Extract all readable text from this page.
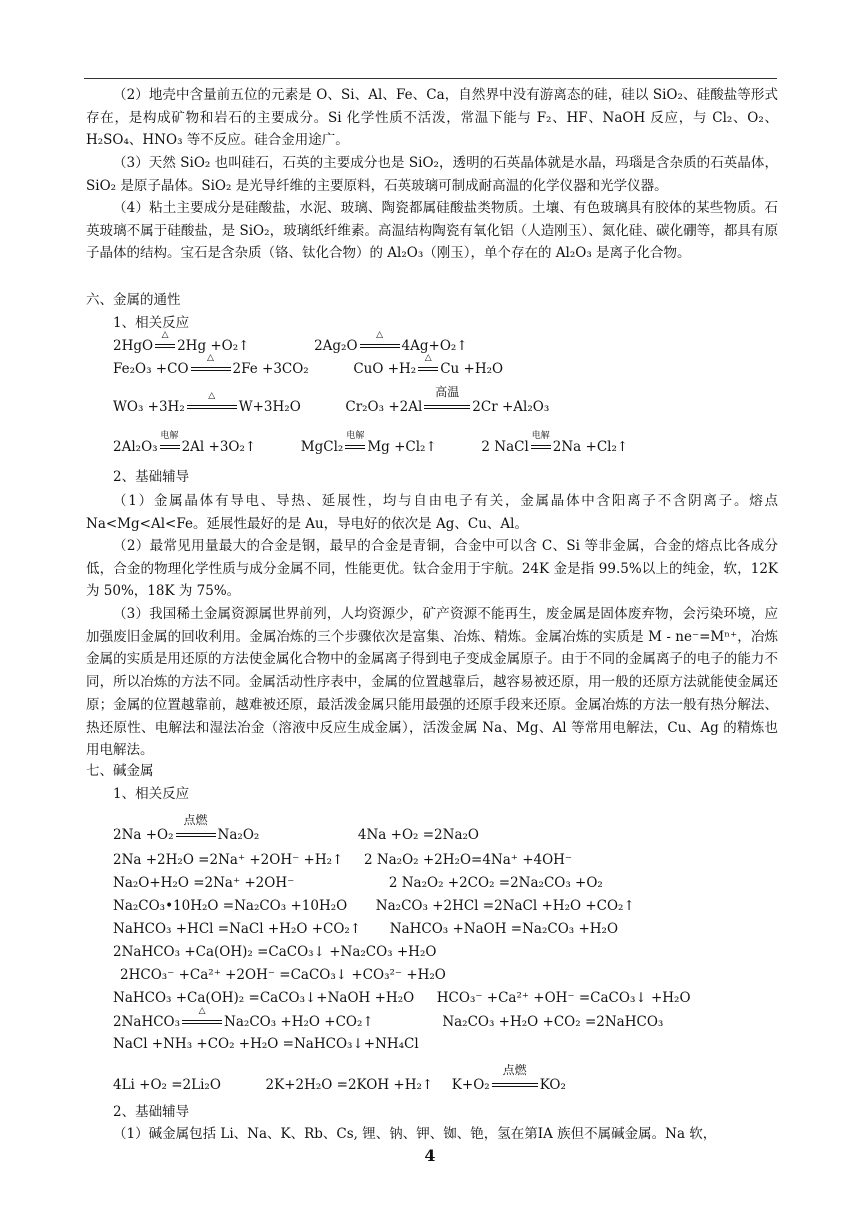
（2）地壳中含量前五位的元素是 O、Si、Al、Fe、Ca，自然界中没有游离态的硅，硅以 SiO₂、硅酸盐等形式存在，是构成矿物和岩石的主要成分。Si 化学性质不活泼，常温下能与 F₂、HF、NaOH 反应，与 Cl₂、O₂、H₂SO₄、HNO₃ 等不反应。硅合金用途广。

（3）天然 SiO₂ 也叫硅石，石英的主要成分也是 SiO₂，透明的石英晶体就是水晶，玛瑙是含杂质的石英晶体，SiO₂ 是原子晶体。SiO₂ 是光导纤维的主要原料，石英玻璃可制成耐高温的化学仪器和光学仪器。

（4）粘土主要成分是硅酸盐，水泥、玻璃、陶瓷都属硅酸盐类物质。土壤、有色玻璃具有胶体的某些物质。石英玻璃不属于硅酸盐，是 SiO₂，玻璃纸纤维素。高温结构陶瓷有氧化铝（人造刚玉）、氮化硅、碳化硼等，都具有原子晶体的结构。宝石是含杂质（铬、钛化合物）的 Al₂O₃（刚玉），单个存在的 Al₂O₃ 是离子化合物。

六、金属的通性
1、相关反应
2HgO
△
2Hg +O₂↑	2Ag₂O
△
4Ag+O₂↑
Fe₂O₃ +CO
△
2Fe +3CO₂	CuO +H₂
△
Cu +H₂O
WO₃ +3H₂
△
W+3H₂O	Cr₂O₃ +2Al
高温
2Cr +Al₂O₃
2Al₂O₃
电解
2Al +3O₂↑	MgCl₂
电解
Mg +Cl₂↑	2 NaCl
电解
2Na +Cl₂↑
2、基础辅导

（1）金属晶体有导电、导热、延展性，均与自由电子有关，金属晶体中含阳离子不含阴离子。熔点 Na<Mg<Al<Fe。延展性最好的是 Au，导电好的依次是 Ag、Cu、Al。

（2）最常见用量最大的合金是钢，最早的合金是青铜，合金中可以含 C、Si 等非金属，合金的熔点比各成分低，合金的物理化学性质与成分金属不同，性能更优。钛合金用于宇航。24K 金是指 99.5%以上的纯金，软，12K 为 50%，18K 为 75%。

（3）我国稀土金属资源属世界前列，人均资源少，矿产资源不能再生，废金属是固体废弃物，会污染环境，应加强废旧金属的回收利用。金属冶炼的三个步骤依次是富集、冶炼、精炼。金属冶炼的实质是 M - ne⁻=Mⁿ⁺，冶炼金属的实质是用还原的方法使金属化合物中的金属离子得到电子变成金属原子。由于不同的金属离子的电子的能力不同，所以冶炼的方法不同。金属活动性序表中，金属的位置越靠后，越容易被还原，用一般的还原方法就能使金属还原；金属的位置越靠前，越难被还原，最活泼金属只能用最强的还原手段来还原。金属冶炼的方法一般有热分解法、热还原性、电解法和湿法冶金（溶液中反应生成金属），活泼金属 Na、Mg、Al 等常用电解法，Cu、Ag 的精炼也用电解法。

七、碱金属
1、相关反应
2Na +O₂
点燃
Na₂O₂	4Na +O₂ =2Na₂O
2Na +2H₂O =2Na⁺ +2OH⁻ +H₂↑ 2 Na₂O₂ +2H₂O=4Na⁺ +4OH⁻
Na₂O+H₂O =2Na⁺ +2OH⁻	2 Na₂O₂ +2CO₂ =2Na₂CO₃ +O₂
Na₂CO₃•10H₂O =Na₂CO₃ +10H₂O Na₂CO₃ +2HCl =2NaCl +H₂O +CO₂↑
NaHCO₃ +HCl =NaCl +H₂O +CO₂↑ NaHCO₃ +NaOH =Na₂CO₃ +H₂O
2NaHCO₃ +Ca(OH)₂ =CaCO₃↓ +Na₂CO₃ +H₂O
2HCO₃⁻ +Ca²⁺ +2OH⁻ =CaCO₃↓ +CO₃²⁻ +H₂O
NaHCO₃ +Ca(OH)₂ =CaCO₃↓+NaOH +H₂O HCO₃⁻ +Ca²⁺ +OH⁻ =CaCO₃↓ +H₂O
2NaHCO₃
△
Na₂CO₃ +H₂O +CO₂↑	Na₂CO₃ +H₂O +CO₂ =2NaHCO₃
NaCl +NH₃ +CO₂ +H₂O =NaHCO₃↓+NH₄Cl
4Li +O₂ =2Li₂O	2K+2H₂O =2KOH +H₂↑ K+O₂
点燃
KO₂
2、基础辅导

（1）碱金属包括 Li、Na、K、Rb、Cs, 锂、钠、钾、铷、铯，氢在第ⅠA 族但不属碱金属。Na 软，

4
